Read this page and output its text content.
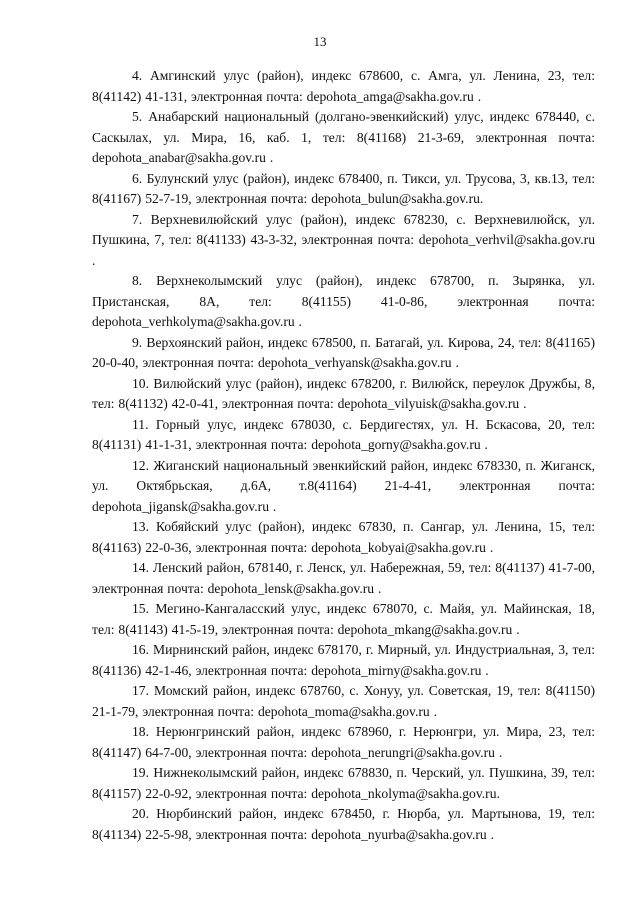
13

4. Амгинский улус (район), индекс 678600, с. Амга, ул. Ленина, 23, тел: 8(41142) 41-131, электронная почта: depohota_amga@sakha.gov.ru .

5. Анабарский национальный (долгано-эвенкийский) улус, индекс 678440, с. Саскылах, ул. Мира, 16, каб. 1, тел: 8(41168) 21-3-69, электронная почта: depohota_anabar@sakha.gov.ru .

6. Булунский улус (район), индекс 678400, п. Тикси, ул. Трусова, 3, кв.13, тел: 8(41167) 52-7-19, электронная почта: depohota_bulun@sakha.gov.ru.

7. Верхневилюйский улус (район), индекс 678230, с. Верхневилюйск, ул. Пушкина, 7, тел: 8(41133) 43-3-32, электронная почта: depohota_verhvil@sakha.gov.ru .

8. Верхнеколымский улус (район), индекс 678700, п. Зырянка, ул. Пристанская, 8А, тел: 8(41155) 41-0-86, электронная почта: depohota_verhkolyma@sakha.gov.ru .

9. Верхоянский район, индекс 678500, п. Батагай, ул. Кирова, 24, тел: 8(41165) 20-0-40, электронная почта: depohota_verhyansk@sakha.gov.ru .

10. Вилюйский улус (район), индекс 678200, г. Вилюйск, переулок Дружбы, 8, тел: 8(41132) 42-0-41, электронная почта: depohota_vilyuisk@sakha.gov.ru .

11. Горный улус, индекс 678030, с. Бердигестях, ул. Н. Бскасова, 20, тел: 8(41131) 41-1-31, электронная почта: depohota_gorny@sakha.gov.ru .

12. Жиганский национальный эвенкийский район, индекс 678330, п. Жиганск, ул. Октябрьская, д.6А, т.8(41164) 21-4-41, электронная почта: depohota_jigansk@sakha.gov.ru .

13. Кобяйский улус (район), индекс 67830, п. Сангар, ул. Ленина, 15, тел: 8(41163) 22-0-36, электронная почта: depohota_kobyai@sakha.gov.ru .

14. Ленский район, 678140, г. Ленск, ул. Набережная, 59, тел: 8(41137) 41-7-00, электронная почта: depohota_lensk@sakha.gov.ru .

15. Мегино-Кангаласский улус, индекс 678070, с. Майя, ул. Майинская, 18, тел: 8(41143) 41-5-19, электронная почта: depohota_mkang@sakha.gov.ru .

16. Мирнинский район, индекс 678170, г. Мирный, ул. Индустриальная, 3, тел: 8(41136) 42-1-46, электронная почта: depohota_mirny@sakha.gov.ru .

17. Момский район, индекс 678760, с. Хонуу, ул. Советская, 19, тел: 8(41150) 21-1-79, электронная почта: depohota_moma@sakha.gov.ru .

18. Нерюнгринский район, индекс 678960, г. Нерюнгри, ул. Мира, 23, тел: 8(41147) 64-7-00, электронная почта: depohota_nerungri@sakha.gov.ru .

19. Нижнеколымский район, индекс 678830, п. Черский, ул. Пушкина, 39, тел: 8(41157) 22-0-92, электронная почта: depohota_nkolyma@sakha.gov.ru.

20. Нюрбинский район, индекс 678450, г. Нюрба, ул. Мартынова, 19, тел: 8(41134) 22-5-98, электронная почта: depohota_nyurba@sakha.gov.ru .
